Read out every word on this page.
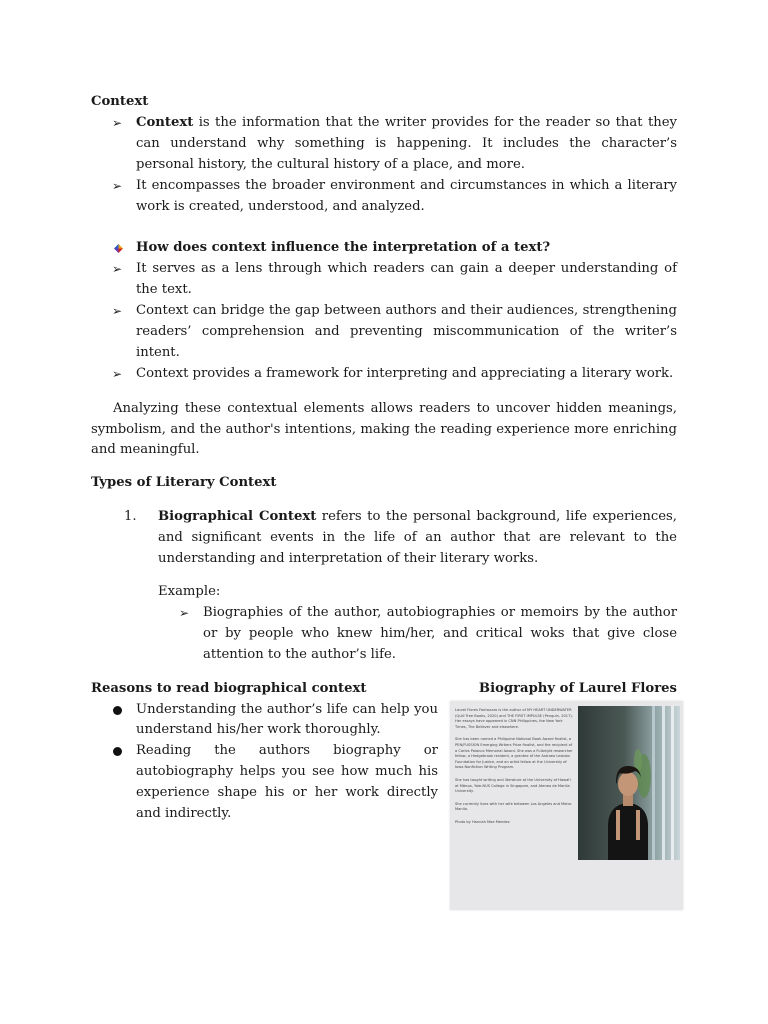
Context
➢ Context is the information that the writer provides for the reader so that they can understand why something is happening. It includes the character’s personal history, the cultural history of a place, and more.
➢ It encompasses the broader environment and circumstances in which a literary work is created, understood, and analyzed.
How does context influence the interpretation of a text?
➢ It serves as a lens through which readers can gain a deeper understanding of the text.
➢ Context can bridge the gap between authors and their audiences, strengthening readers’ comprehension and preventing miscommunication of the writer’s intent.
➢ Context provides a framework for interpreting and appreciating a literary work.

Analyzing these contextual elements allows readers to uncover hidden meanings, symbolism, and the author's intentions, making the reading experience more enriching and meaningful.

Types of Literary Context
1. Biographical Context refers to the personal background, life experiences, and significant events in the life of an author that are relevant to the understanding and interpretation of their literary works.
Example:
➢ Biographies of the author, autobiographies or memoirs by the author or by people who knew him/her, and critical woks that give close attention to the author’s life.
Reasons to read biographical context
Understanding the author’s life can help you understand his/her work thoroughly.
Reading the authors biography or autobiography helps you see how much his experience shape his or her work directly and indirectly.
Biography of Laurel Flores

Laurel Flores Fantauzzo is the author of MY HEART UNDERWATER (Quill Tree Books, 2020) and THE FIRST IMPULSE (Penguin, 2017). Her essays have appeared in CNN Philippines, the New York Times, The Believer and elsewhere.

She has been named a Philippine National Book Award finalist, a PEN/FUSSION Emerging Writers Prize finalist, and the recipient of a Carlos Palanca Memorial Award. She was a Fulbright researcher fellow, a Hedgebrook resident, a grantee of the Astraea Lesbian Foundation for Justice, and an artist fellow at the University of Iowa Nonfiction Writing Program.

She has taught writing and literature at the University of Hawai‘i at Mānoa, Yale-NUS College in Singapore, and Ateneo de Manila University.

She currently lives with her wife between Los Angeles and Metro Manila.

Photo by Hannah Mae Mendez
